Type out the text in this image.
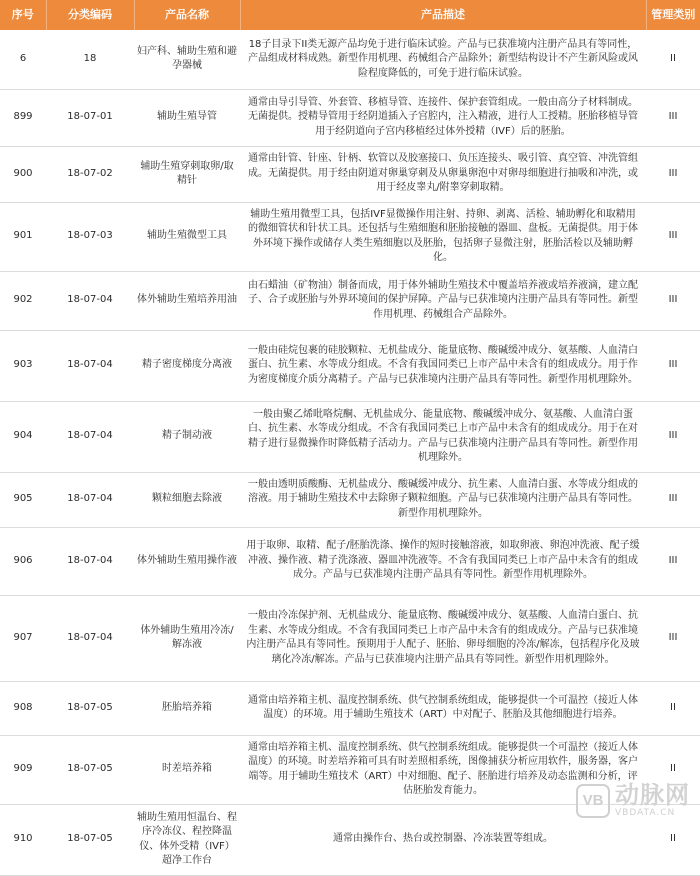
序号	分类编码	产品名称	产品描述	管理类别
6	18	妇产科、辅助生殖和避孕器械	18子目录下II类无源产品均免于进行临床试验。产品与已获准境内注册产品具有等同性，产品组成材料成熟。新型作用机理、药械组合产品除外；新型结构设计不产生新风险或风险程度降低的，可免于进行临床试验。	II
899	18-07-01	辅助生殖导管	通常由导引导管、外套管、移植导管、连接件、保护套管组成。一般由高分子材料制成。无菌提供。授精导管用于经阴道插入子宫腔内，注入精液，进行人工授精。胚胎移植导管用于经阴道向子宫内移植经过体外授精（IVF）后的胚胎。	III
900	18-07-02	辅助生殖穿刺取卵/取精针	通常由针管、针座、针柄、软管以及胶塞接口、负压连接头、吸引管、真空管、冲洗管组成。无菌提供。用于经由阴道对卵巢穿刺及从卵巢卵泡中对卵母细胞进行抽吸和冲洗，或用于经皮睾丸/附睾穿刺取精。	III
901	18-07-03	辅助生殖微型工具	辅助生殖用微型工具，包括IVF显微操作用注射、持卵、剥离、活检、辅助孵化和取精用的微细管状和针状工具。还包括与生殖细胞和胚胎接触的器皿、盘板。无菌提供。用于体外环境下操作或储存人类生殖细胞以及胚胎，包括卵子显微注射，胚胎活检以及辅助孵化。	III
902	18-07-04	体外辅助生殖培养用油	由石蜡油（矿物油）制备而成，用于体外辅助生殖技术中覆盖培养液或培养液滴，建立配子、合子或胚胎与外界环境间的保护屏障。产品与已获准境内注册产品具有等同性。新型作用机理、药械组合产品除外。	III
903	18-07-04	精子密度梯度分离液	一般由硅烷包裹的硅胶颗粒、无机盐成分、能量底物、酸碱缓冲成分、氨基酸、人血清白蛋白、抗生素、水等成分组成。不含有我国同类已上市产品中未含有的组成成分。用于作为密度梯度介质分离精子。产品与已获准境内注册产品具有等同性。新型作用机理除外。	III
904	18-07-04	精子制动液	一般由聚乙烯吡咯烷酮、无机盐成分、能量底物、酸碱缓冲成分、氨基酸、人血清白蛋白、抗生素、水等成分组成。不含有我国同类已上市产品中未含有的组成成分。用于在对精子进行显微操作时降低精子活动力。产品与已获准境内注册产品具有等同性。新型作用机理除外。	III
905	18-07-04	颗粒细胞去除液	一般由透明质酸酶、无机盐成分、酸碱缓冲成分、抗生素、人血清白蛋、水等成分组成的溶液。用于辅助生殖技术中去除卵子颗粒细胞。产品与已获准境内注册产品具有等同性。新型作用机理除外。	III
906	18-07-04	体外辅助生殖用操作液	用于取卵、取精、配子/胚胎洗涤、操作的短时接触溶液，如取卵液、卵泡冲洗液、配子缓冲液、操作液、精子洗涤液、器皿冲洗液等。不含有我国同类已上市产品中未含有的组成成分。产品与已获准境内注册产品具有等同性。新型作用机理除外。	III
907	18-07-04	体外辅助生殖用冷冻/解冻液	一般由冷冻保护剂、无机盐成分、能量底物、酸碱缓冲成分、氨基酸、人血清白蛋白、抗生素、水等成分组成。不含有我国同类已上市产品中未含有的组成成分。产品与已获准境内注册产品具有等同性。预期用于人配子、胚胎、卵母细胞的冷冻/解冻，包括程序化及玻璃化冷冻/解冻。产品与已获准境内注册产品具有等同性。新型作用机理除外。	III
908	18-07-05	胚胎培养箱	通常由培养箱主机、温度控制系统、供气控制系统组成，能够提供一个可温控（接近人体温度）的环境。用于辅助生殖技术（ART）中对配子、胚胎及其他细胞进行培养。	II
909	18-07-05	时差培养箱	通常由培养箱主机、温度控制系统、供气控制系统组成。能够提供一个可温控（接近人体温度）的环境。时差培养箱可具有时差照相系统，图像捕获分析应用软件，服务器，客户端等。用于辅助生殖技术（ART）中对细胞、配子、胚胎进行培养及动态监测和分析，评估胚胎发育能力。	II
910	18-07-05	辅助生殖用恒温台、程序冷冻仪、程控降温仪、体外受精（IVF）超净工作台	通常由操作台、热台或控制器、冷冻装置等组成。	II
VB 动脉网
VBDATA.CN
